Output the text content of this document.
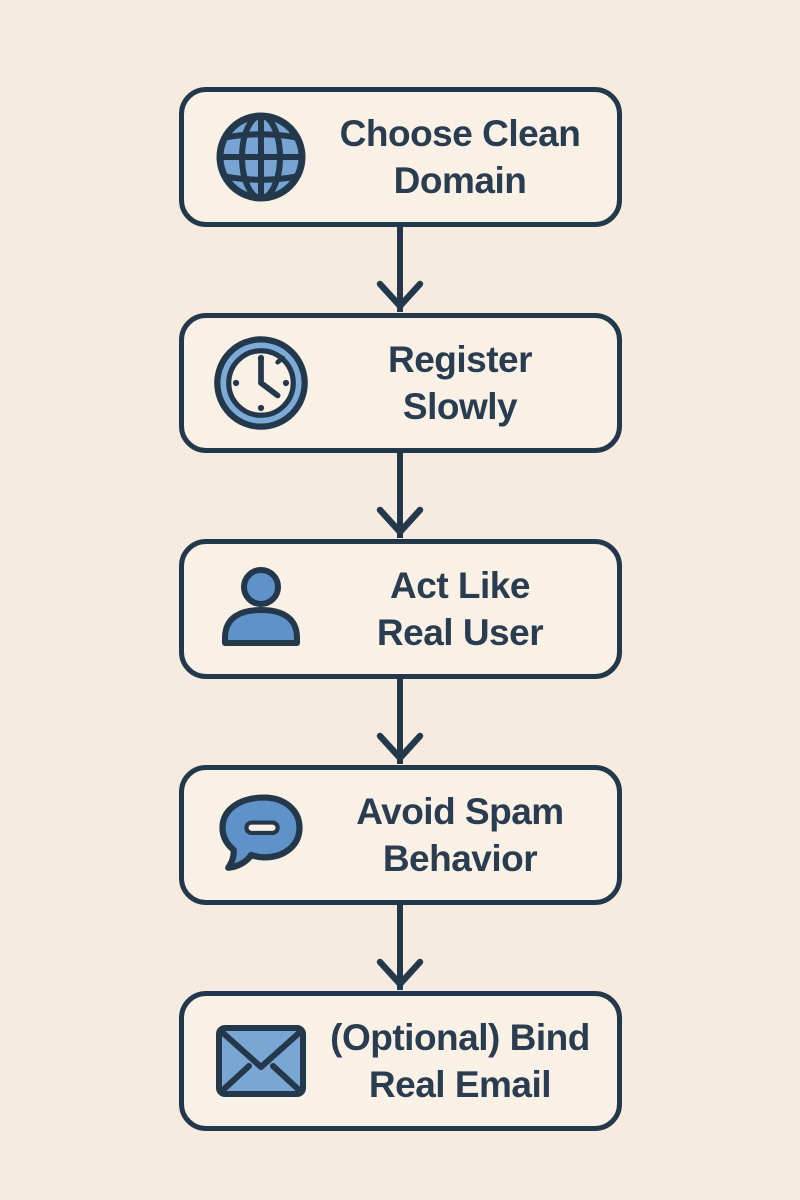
Choose Clean
Domain
Register
Slowly
Act Like
Real User
Avoid Spam
Behavior
(Optional) Bind
Real Email
